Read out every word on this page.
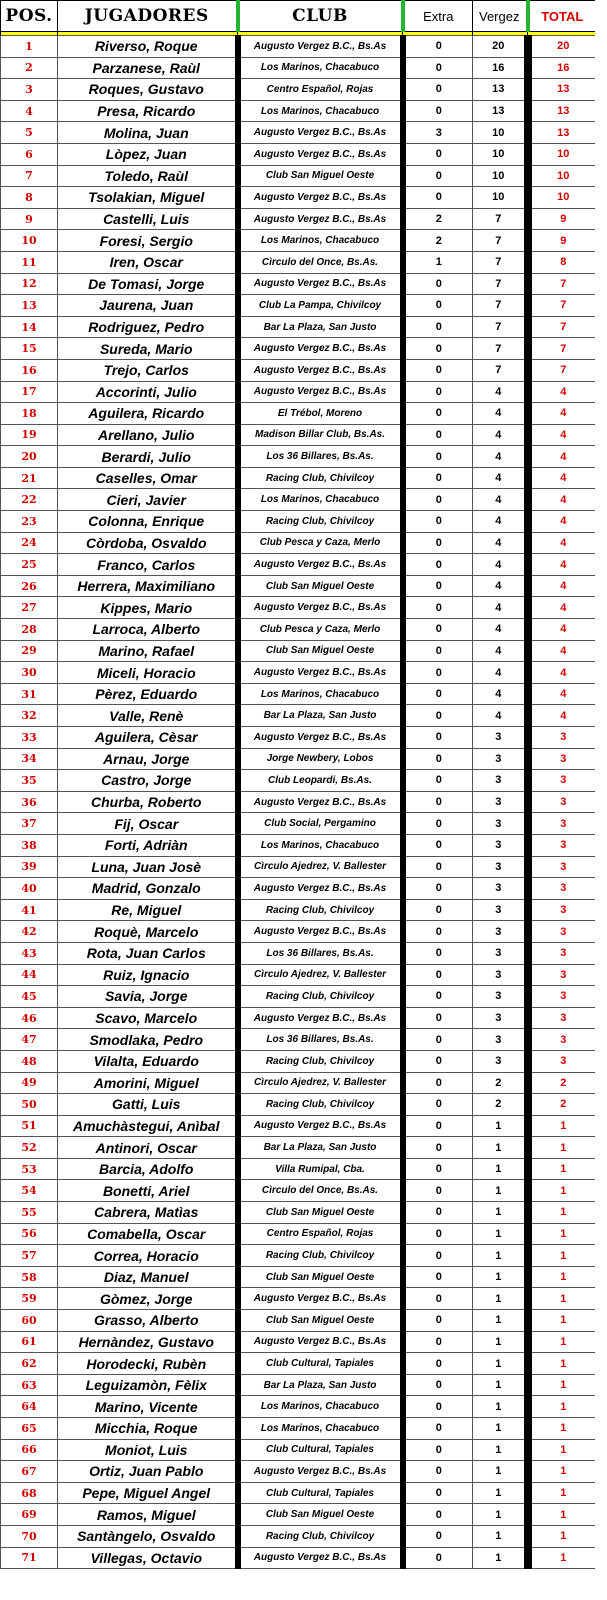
POS.	JUGADORES	CLUB	Extra	Vergez	TOTAL

1	Riverso, Roque	Augusto Vergez B.C., Bs.As	0	20	20
2	Parzanese, Raùl	Los Marinos, Chacabuco	0	16	16
3	Roques, Gustavo	Centro Español, Rojas	0	13	13
4	Presa, Ricardo	Los Marinos, Chacabuco	0	13	13
5	Molina, Juan	Augusto Vergez B.C., Bs.As	3	10	13
6	Lòpez, Juan	Augusto Vergez B.C., Bs.As	0	10	10
7	Toledo, Raùl	Club San Miguel Oeste	0	10	10
8	Tsolakian, Miguel	Augusto Vergez B.C., Bs.As	0	10	10
9	Castelli, Luis	Augusto Vergez B.C., Bs.As	2	7	9
10	Foresi, Sergio	Los Marinos, Chacabuco	2	7	9
11	Iren, Oscar	Cìrculo del Once, Bs.As.	1	7	8
12	De Tomasi, Jorge	Augusto Vergez B.C., Bs.As	0	7	7
13	Jaurena, Juan	Club La Pampa, Chivilcoy	0	7	7
14	Rodriguez, Pedro	Bar La Plaza, San Justo	0	7	7
15	Sureda, Mario	Augusto Vergez B.C., Bs.As	0	7	7
16	Trejo, Carlos	Augusto Vergez B.C., Bs.As	0	7	7
17	Accorinti, Julio	Augusto Vergez B.C., Bs.As	0	4	4
18	Aguilera, Ricardo	El Trébol, Moreno	0	4	4
19	Arellano, Julio	Madison Billar Club, Bs.As.	0	4	4
20	Berardi, Julio	Los 36 Billares, Bs.As.	0	4	4
21	Caselles, Omar	Racing Club, Chivilcoy	0	4	4
22	Cieri, Javier	Los Marinos, Chacabuco	0	4	4
23	Colonna, Enrique	Racing Club, Chivilcoy	0	4	4
24	Còrdoba, Osvaldo	Club Pesca y Caza, Merlo	0	4	4
25	Franco, Carlos	Augusto Vergez B.C., Bs.As	0	4	4
26	Herrera, Maximiliano	Club San Miguel Oeste	0	4	4
27	Kippes, Mario	Augusto Vergez B.C., Bs.As	0	4	4
28	Larroca, Alberto	Club Pesca y Caza, Merlo	0	4	4
29	Marino, Rafael	Club San Miguel Oeste	0	4	4
30	Miceli, Horacio	Augusto Vergez B.C., Bs.As	0	4	4
31	Pèrez, Eduardo	Los Marinos, Chacabuco	0	4	4
32	Valle, Renè	Bar La Plaza, San Justo	0	4	4
33	Aguilera, Cèsar	Augusto Vergez B.C., Bs.As	0	3	3
34	Arnau, Jorge	Jorge Newbery, Lobos	0	3	3
35	Castro, Jorge	Club Leopardi, Bs.As.	0	3	3
36	Churba, Roberto	Augusto Vergez B.C., Bs.As	0	3	3
37	Fij, Oscar	Club Social, Pergamino	0	3	3
38	Forti, Adriàn	Los Marinos, Chacabuco	0	3	3
39	Luna, Juan Josè	Cìrculo Ajedrez, V. Ballester	0	3	3
40	Madrid, Gonzalo	Augusto Vergez B.C., Bs.As	0	3	3
41	Re, Miguel	Racing Club, Chivilcoy	0	3	3
42	Roquè, Marcelo	Augusto Vergez B.C., Bs.As	0	3	3
43	Rota, Juan Carlos	Los 36 Billares, Bs.As.	0	3	3
44	Ruiz, Ignacio	Cìrculo Ajedrez, V. Ballester	0	3	3
45	Savia, Jorge	Racing Club, Chivilcoy	0	3	3
46	Scavo, Marcelo	Augusto Vergez B.C., Bs.As	0	3	3
47	Smodlaka, Pedro	Los 36 Billares, Bs.As.	0	3	3
48	Vilalta, Eduardo	Racing Club, Chivilcoy	0	3	3
49	Amorini, Miguel	Cìrculo Ajedrez, V. Ballester	0	2	2
50	Gatti, Luis	Racing Club, Chivilcoy	0	2	2
51	Amuchàstegui, Anìbal	Augusto Vergez B.C., Bs.As	0	1	1
52	Antinori, Oscar	Bar La Plaza, San Justo	0	1	1
53	Barcia, Adolfo	Villa Rumipal, Cba.	0	1	1
54	Bonetti, Ariel	Cìrculo del Once, Bs.As.	0	1	1
55	Cabrera, Matìas	Club San Miguel Oeste	0	1	1
56	Comabella, Oscar	Centro Español, Rojas	0	1	1
57	Correa, Horacio	Racing Club, Chivilcoy	0	1	1
58	Diaz, Manuel	Club San Miguel Oeste	0	1	1
59	Gòmez, Jorge	Augusto Vergez B.C., Bs.As	0	1	1
60	Grasso, Alberto	Club San Miguel Oeste	0	1	1
61	Hernàndez, Gustavo	Augusto Vergez B.C., Bs.As	0	1	1
62	Horodecki, Rubèn	Club Cultural, Tapiales	0	1	1
63	Leguizamòn, Fèlix	Bar La Plaza, San Justo	0	1	1
64	Marino, Vicente	Los Marinos, Chacabuco	0	1	1
65	Micchia, Roque	Los Marinos, Chacabuco	0	1	1
66	Moniot, Luis	Club Cultural, Tapiales	0	1	1
67	Ortiz, Juan Pablo	Augusto Vergez B.C., Bs.As	0	1	1
68	Pepe, Miguel Angel	Club Cultural, Tapiales	0	1	1
69	Ramos, Miguel	Club San Miguel Oeste	0	1	1
70	Santàngelo, Osvaldo	Racing Club, Chivilcoy	0	1	1
71	Villegas, Octavio	Augusto Vergez B.C., Bs.As	0	1	1
